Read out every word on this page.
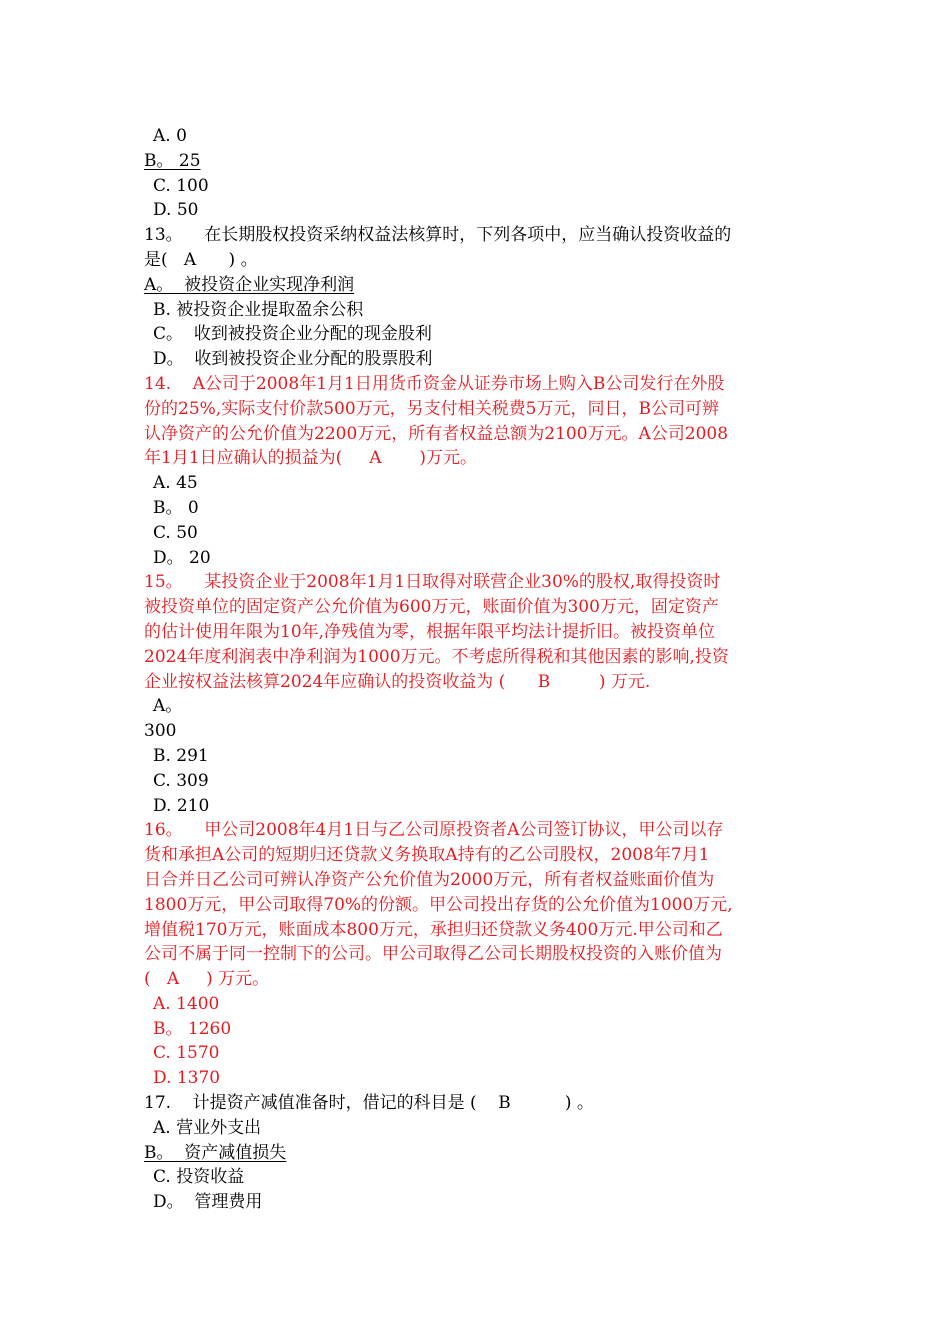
A. 0
B。 25
C. 100
D. 50
13。    在长期股权投资采纳权益法核算时，下列各项中，应当确认投资收益的
是(   A      ) 。
A。  被投资企业实现净利润
B. 被投资企业提取盈余公积
C。  收到被投资企业分配的现金股利
D。  收到被投资企业分配的股票股利
14.    A公司于2008年1月1日用货币资金从证券市场上购入B公司发行在外股
份的25%,实际支付价款500万元，另支付相关税费5万元，同日，B公司可辨
认净资产的公允价值为2200万元，所有者权益总额为2100万元。A公司2008
年1月1日应确认的损益为(     A       )万元。
A. 45
B。 0
C. 50
D。 20
15。    某投资企业于2008年1月1日取得对联营企业30%的股权,取得投资时
被投资单位的固定资产公允价值为600万元，账面价值为300万元，固定资产
的估计使用年限为10年,净残值为零，根据年限平均法计提折旧。被投资单位
2024年度利润表中净利润为1000万元。不考虑所得税和其他因素的影响,投资
企业按权益法核算2024年应确认的投资收益为 (      B         ) 万元.
A。
300
B. 291
C. 309
D. 210
16。    甲公司2008年4月1日与乙公司原投资者A公司签订协议，甲公司以存
货和承担A公司的短期归还贷款义务换取A持有的乙公司股权，2008年7月1
日合并日乙公司可辨认净资产公允价值为2000万元，所有者权益账面价值为
1800万元，甲公司取得70%的份额。甲公司投出存货的公允价值为1000万元,
增值税170万元，账面成本800万元，承担归还贷款义务400万元.甲公司和乙
公司不属于同一控制下的公司。甲公司取得乙公司长期股权投资的入账价值为
(   A     ) 万元。
A. 1400
B。 1260
C. 1570
D. 1370
17.    计提资产减值准备时，借记的科目是 (    B          ) 。
A. 营业外支出
B。  资产减值损失
C. 投资收益
D。  管理费用
